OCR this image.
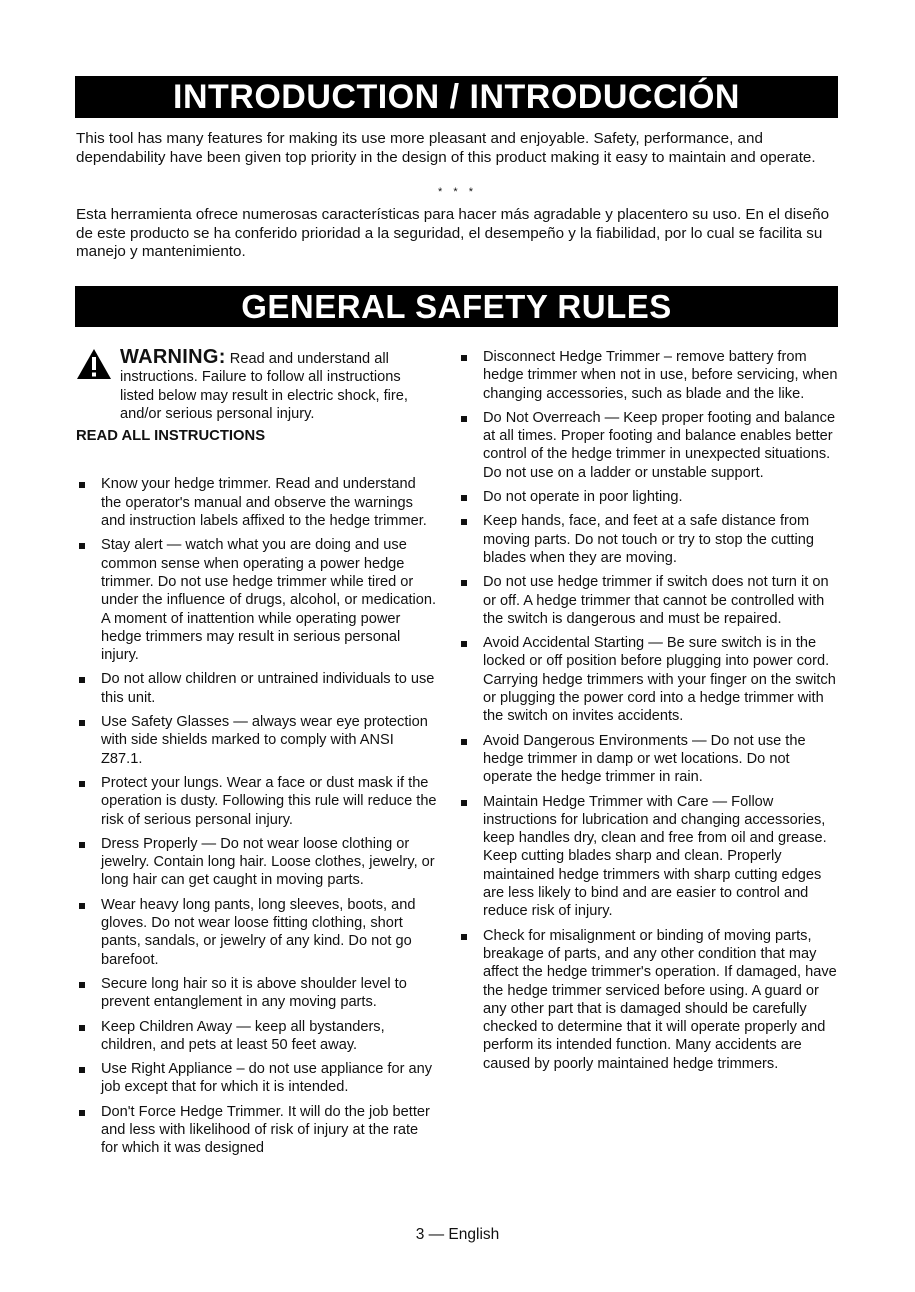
INTRODUCTION / INTRODUCCIÓN
This tool has many features for making its use more pleasant and enjoyable. Safety, performance, and dependability have been given top priority in the design of this product making it easy to maintain and operate.
* * *
Esta herramienta ofrece numerosas características para hacer más agradable y placentero su uso. En el diseño de este producto se ha conferido prioridad a la seguridad, el desempeño y la fiabilidad, por lo cual se facilita su manejo y mantenimiento.
GENERAL SAFETY RULES
WARNING: Read and understand all instructions. Failure to follow all instructions listed below may result in electric shock, fire, and/or serious personal injury.
READ ALL INSTRUCTIONS
Know your hedge trimmer. Read and understand the operator's manual and observe the warnings and instruction labels affixed to the hedge trimmer.
Stay alert — watch what you are doing and use common sense when operating a power hedge trimmer. Do not use hedge trimmer while tired or under the influence of drugs, alcohol, or medication. A moment of inattention while operating power hedge trimmers may result in serious personal injury.
Do not allow children or untrained individuals to use this unit.
Use Safety Glasses — always wear eye protection with side shields marked to comply with ANSI Z87.1.
Protect your lungs. Wear a face or dust mask if the operation is dusty. Following this rule will reduce the risk of serious personal injury.
Dress Properly — Do not wear loose clothing or jewelry. Contain long hair. Loose clothes, jewelry, or long hair can get caught in moving parts.
Wear heavy long pants, long sleeves, boots, and gloves. Do not wear loose fitting clothing, short pants, sandals, or jewelry of any kind. Do not go barefoot.
Secure long hair so it is above shoulder level to prevent entanglement in any moving parts.
Keep Children Away — keep all bystanders, children, and pets at least 50 feet away.
Use Right Appliance – do not use appliance for any job except that for which it is intended.
Don't Force Hedge Trimmer. It will do the job better and less with likelihood of risk of injury at the rate for which it was designed
Disconnect Hedge Trimmer – remove battery from hedge trimmer when not in use, before servicing, when changing accessories, such as blade and the like.
Do Not Overreach — Keep proper footing and balance at all times. Proper footing and balance enables better control of the hedge trimmer in unexpected situations. Do not use on a ladder or unstable support.
Do not operate in poor lighting.
Keep hands, face, and feet at a safe distance from moving parts. Do not touch or try to stop the cutting blades when they are moving.
Do not use hedge trimmer if switch does not turn it on or off. A hedge trimmer that cannot be controlled with the switch is dangerous and must be repaired.
Avoid Accidental Starting — Be sure switch is in the locked or off position before plugging into power cord. Carrying hedge trimmers with your finger on the switch or plugging the power cord into a hedge trimmer with the switch on invites accidents.
Avoid Dangerous Environments — Do not use the hedge trimmer in damp or wet locations. Do not operate the hedge trimmer in rain.
Maintain Hedge Trimmer with Care — Follow instructions for lubrication and changing accessories, keep handles dry, clean and free from oil and grease. Keep cutting blades sharp and clean. Properly maintained hedge trimmers with sharp cutting edges are less likely to bind and are easier to control and reduce risk of injury.
Check for misalignment or binding of moving parts, breakage of parts, and any other condition that may affect the hedge trimmer's operation. If damaged, have the hedge trimmer serviced before using. A guard or any other part that is damaged should be carefully checked to determine that it will operate properly and perform its intended function. Many accidents are caused by poorly maintained hedge trimmers.
3 — English
